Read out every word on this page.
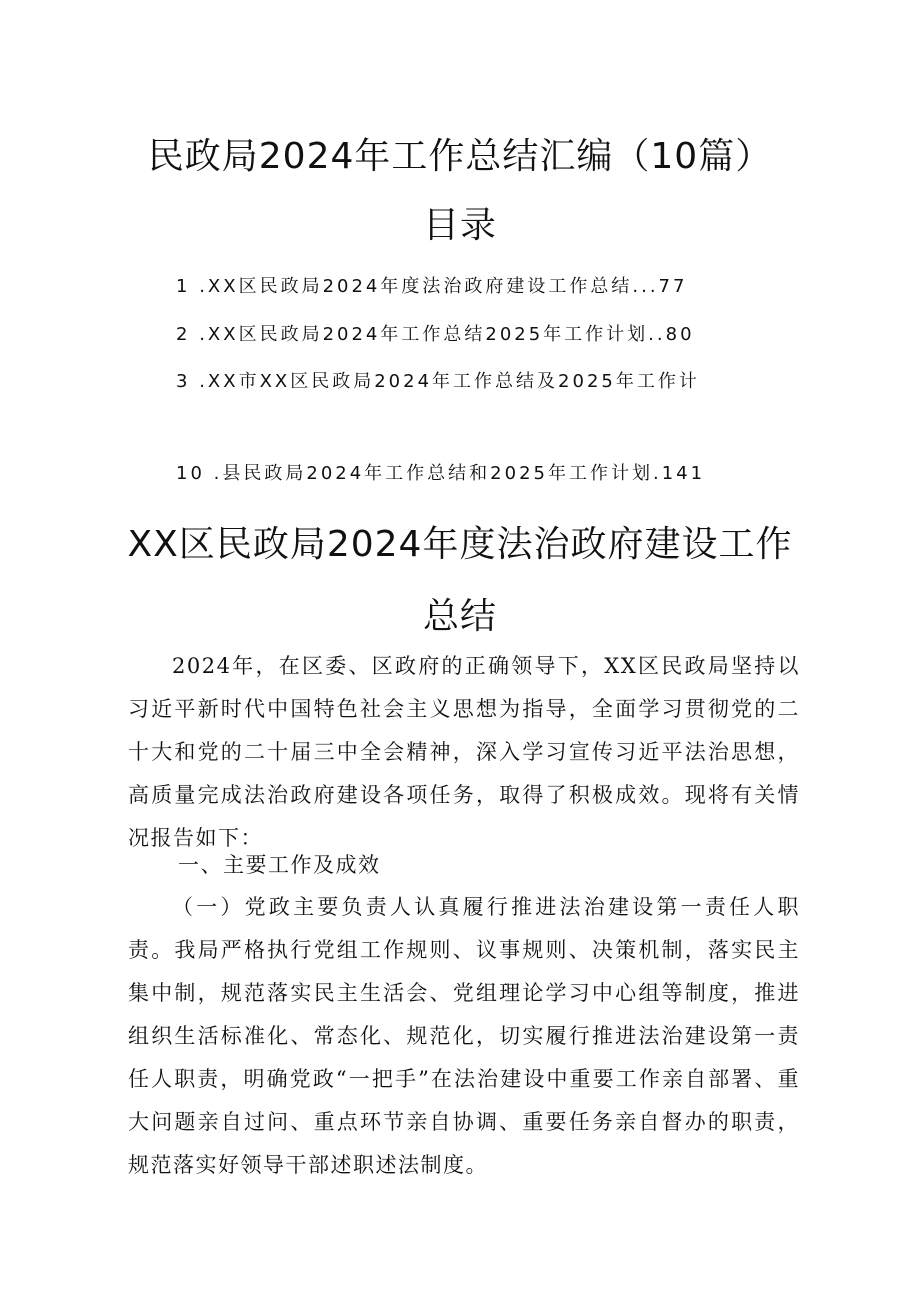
民政局2024年工作总结汇编（10篇）
目录
1 .XX区民政局2024年度法治政府建设工作总结...77
2 .XX区民政局2024年工作总结2025年工作计划..80
3 .XX市XX区民政局2024年工作总结及2025年工作计
10 .县民政局2024年工作总结和2025年工作计划.141
XX区民政局2024年度法治政府建设工作
总结

2024年，在区委、区政府的正确领导下，XX区民政局坚持以习近平新时代中国特色社会主义思想为指导，全面学习贯彻党的二十大和党的二十届三中全会精神，深入学习宣传习近平法治思想，高质量完成法治政府建设各项任务，取得了积极成效。现将有关情况报告如下：

一、主要工作及成效

（一）党政主要负责人认真履行推进法治建设第一责任人职责。我局严格执行党组工作规则、议事规则、决策机制，落实民主集中制，规范落实民主生活会、党组理论学习中心组等制度，推进组织生活标准化、常态化、规范化，切实履行推进法治建设第一责任人职责，明确党政“一把手”在法治建设中重要工作亲自部署、重大问题亲自过问、重点环节亲自协调、重要任务亲自督办的职责，规范落实好领导干部述职述法制度。
